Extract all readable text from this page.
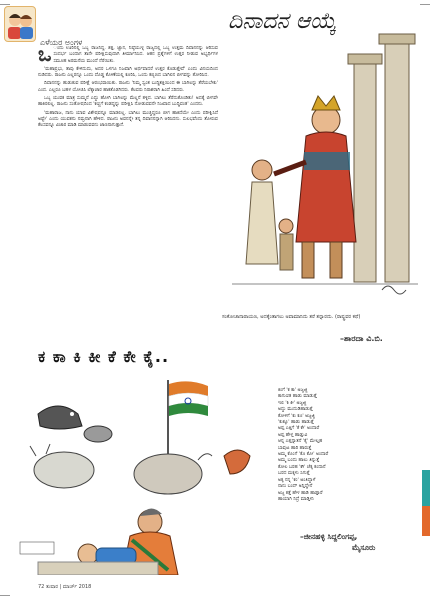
ಎಳೆಯರ ಅಂಗಳ

ಒ ಂದು ಊರಿನಲ್ಲಿ ಒಬ್ಬ ರಾಜನಿದ್ದ. ಶಕ್ತ, ಜ್ಞಾನ, ನಿಷ್ಠೆಯುಳ್ಳ ರಾಜ್ಯದಲ್ಲಿ ಒಬ್ಬ ಉತ್ತಮ ದಿವಾನನನ್ನು ಆರಿಸುವ ಸಂದರ್ಭ ಬಂದಾಗ ತಾನೇ ಪರೀಕ್ಷಿಸುವುದಾಗಿ ತೀರ್ಮಾನಿಸಿದ. ಆತನ ಪ್ರಶ್ನೆಗಳಿಗೆ ಉತ್ತರ ನೀಡುವ ಅಭ್ಯರ್ಥಿಗಳ ಸಮೂಹ ಅರಮನೆಯ ಮುಂದೆ ನೆರೆಯಿತು.

'ಮಹಾಪ್ರಭು, ತಾವು ಕೇಳಿದುದು, ಅದರ ಒಳಗೂ ನಿಜವಾಗಿ ಅರ್ಥವಾದರೆ ಉತ್ತರ ಕೊಡುತ್ತೇವೆ' ಎಂದು ವಿನಯದಿಂದ ನುಡಿದರು. ರಾಜನು ಎಲ್ಲರನ್ನೂ ಒಂದು ದೊಡ್ಡ ಕೋಣೆಯಲ್ಲಿ ಕೂರಿಸಿ, ಒಂದು ಕಬ್ಬಿಣದ ಬಾಗಿಲಿನ ಬೀಗವನ್ನು ತೋರಿಸಿದ.

ದಿವಾನನನ್ನು ಹುಡುಕುವ ಪರೀಕ್ಷೆ ಆರಂಭವಾಯಿತು. ರಾಜನು 'ನಿಮ್ಮ ಸ್ವಂತ ಬುದ್ಧಿಶಕ್ತಿಯಿಂದ ಈ ಬಾಗಿಲನ್ನು ತೆರೆಯಬೇಕು' ಎಂದ. ಎಲ್ಲರೂ ಬಹಳ ಯೋಚಿಸಿ ಲೆಕ್ಕಾಚಾರ ಹಾಕತೊಡಗಿದರು. ಕೆಲವರು ನಿರಾಶರಾಗಿ ಹಿಂದೆ ಸರಿದರು.

ಒಬ್ಬ ಯುವಕ ಮಾತ್ರ ಸುಮ್ಮನೆ ಎದ್ದು ಹೋಗಿ ಬಾಗಿಲನ್ನು ಮೆಲ್ಲನೆ ತಳ್ಳಿದ. ಬಾಗಿಲು ತೆರೆದುಕೊಂಡಿತು! ಅದಕ್ಕೆ ಬೀಗವೇ ಹಾಕಿರಲಿಲ್ಲ. ರಾಜನು ಸಂತೋಷದಿಂದ 'ಕಣ್ಣಿಗೆ ಕಂಡದ್ದನ್ನು ಪರೀಕ್ಷಿಸಿ ನೋಡುವವನೇ ನಿಜವಾದ ಬುದ್ಧಿವಂತ' ಎಂದನು.

'ಮಹಾರಾಜ, ನಾನು ಯಾವ ವಿಶೇಷವನ್ನೂ ಮಾಡಲಿಲ್ಲ. ಬಾಗಿಲು ಮುಚ್ಚಿದ್ದರೂ ಬೀಗ ಹಾಕಿದೆಯೇ ಎಂದು ಪರೀಕ್ಷಿಸಿದೆ ಅಷ್ಟೇ' ಎಂದು ಯುವಕನು ನಮ್ರನಾಗಿ ಹೇಳಿದ. ರಾಜನು ಅವನನ್ನೇ ತನ್ನ ದಿವಾನನನ್ನಾಗಿ ಆರಿಸಿದನು. ಸುಲಭವೆಂದು ತೋರುವ ಕೆಲಸವನ್ನೂ ವಿಚಾರ ಮಾಡಿ ಮಾಡುವವನು ಜಾಣನಾಗುತ್ತಾನೆ.

ದಿನಾದನ ಆಯ್ಕೆ
ಸಂಕೋಚಾನಾರಾಯಣ, ಅದಕ್ಕೆಂತಾಗಲು ಅವಾಮಾನಿದು ತರೆ ತನ್ನಾರದು. (ರಾಷ್ಟ್ರವರ ಕಥೆ)
–ಶಾರದಾ ವಿ.ಬಿ.
ಕ ಕಾ ಕಿ ಕೀ ಕೆ ಕೇ ಕೈ..
ಕಿಂಗೆ 'ಕ ಕಾ' ಅಜ್ಜಜ್ಜಿ
ಕಾಗುಣಿತ ಹಾಡು ಮಾಡುತ್ತೆ
ಇಲಿ 'ಕಿ ಕೀ' ಅಜ್ಜಜ್ಜಿ
ಅದ್ದು ಮುದುಡಿಹಾಡುತ್ತೆ
ಕೋಳಿಗೆ 'ಕು ಕೂ' ಅಜ್ಜಜ್ಜಿ
'ಕುಕ್ಕೂ' ಹಾಡು ಹಾಡುತ್ತೆ
ಅಪ್ಪ ಎತ್ತಿಗೆ 'ಕೆ ಕೇ' ಅಂದಾರೆ
ಅಪ್ಪ ಹೇಳ್ತ ಹಾಡ್ತುವಿ
ಆನ್ನ ಎತ್ತನ್ನಾತನೆ 'ಕೈ' ಮೇಲ್ತಹ
ಬಾವುಟ ಹಾರಿ ಹಾರುತ್ತೆ
ಅಮ್ಮ ಕೊಂಗೆ 'ಕೊ ಕೋ' ಅಂದಾರೆ
ಅಮ್ಮ ಬಂದು ಹಾಲು ತಿನ್ನುತ್ತೆ
ಕೋಲ ಬರಹ 'ಕೌ' ಚೆಕ್ಕ ಕಂದಾನೆ
ಬರದ ಮಕ್ಕಳು ಸಿಗುತ್ತೆ
ಅಕ್ಕ ನನ್ನ 'ಕಂ' ಅಂತಿದ್ದಾಳೆ
ನಾನು ಬಂದ್ ಅನ್ತಿದ್ದೇನೆ
ಅಜ್ಜ ಕತ್ತೆ ಹೇಳ ಹಾಡಿ ಹಾಡ್ತಾರೆ
ಹಾಯಾಗಿ ನಿದ್ರೆ ಮಾಡ್ತೀನಿ
–ಜೀನಹಳ್ಳಿ ಸಿದ್ದಲಿಂಗಪ್ಪ,
ಮೈಸೂರು
72 ತುಷಾರ | ಮಾರ್ಚ್ 2018
